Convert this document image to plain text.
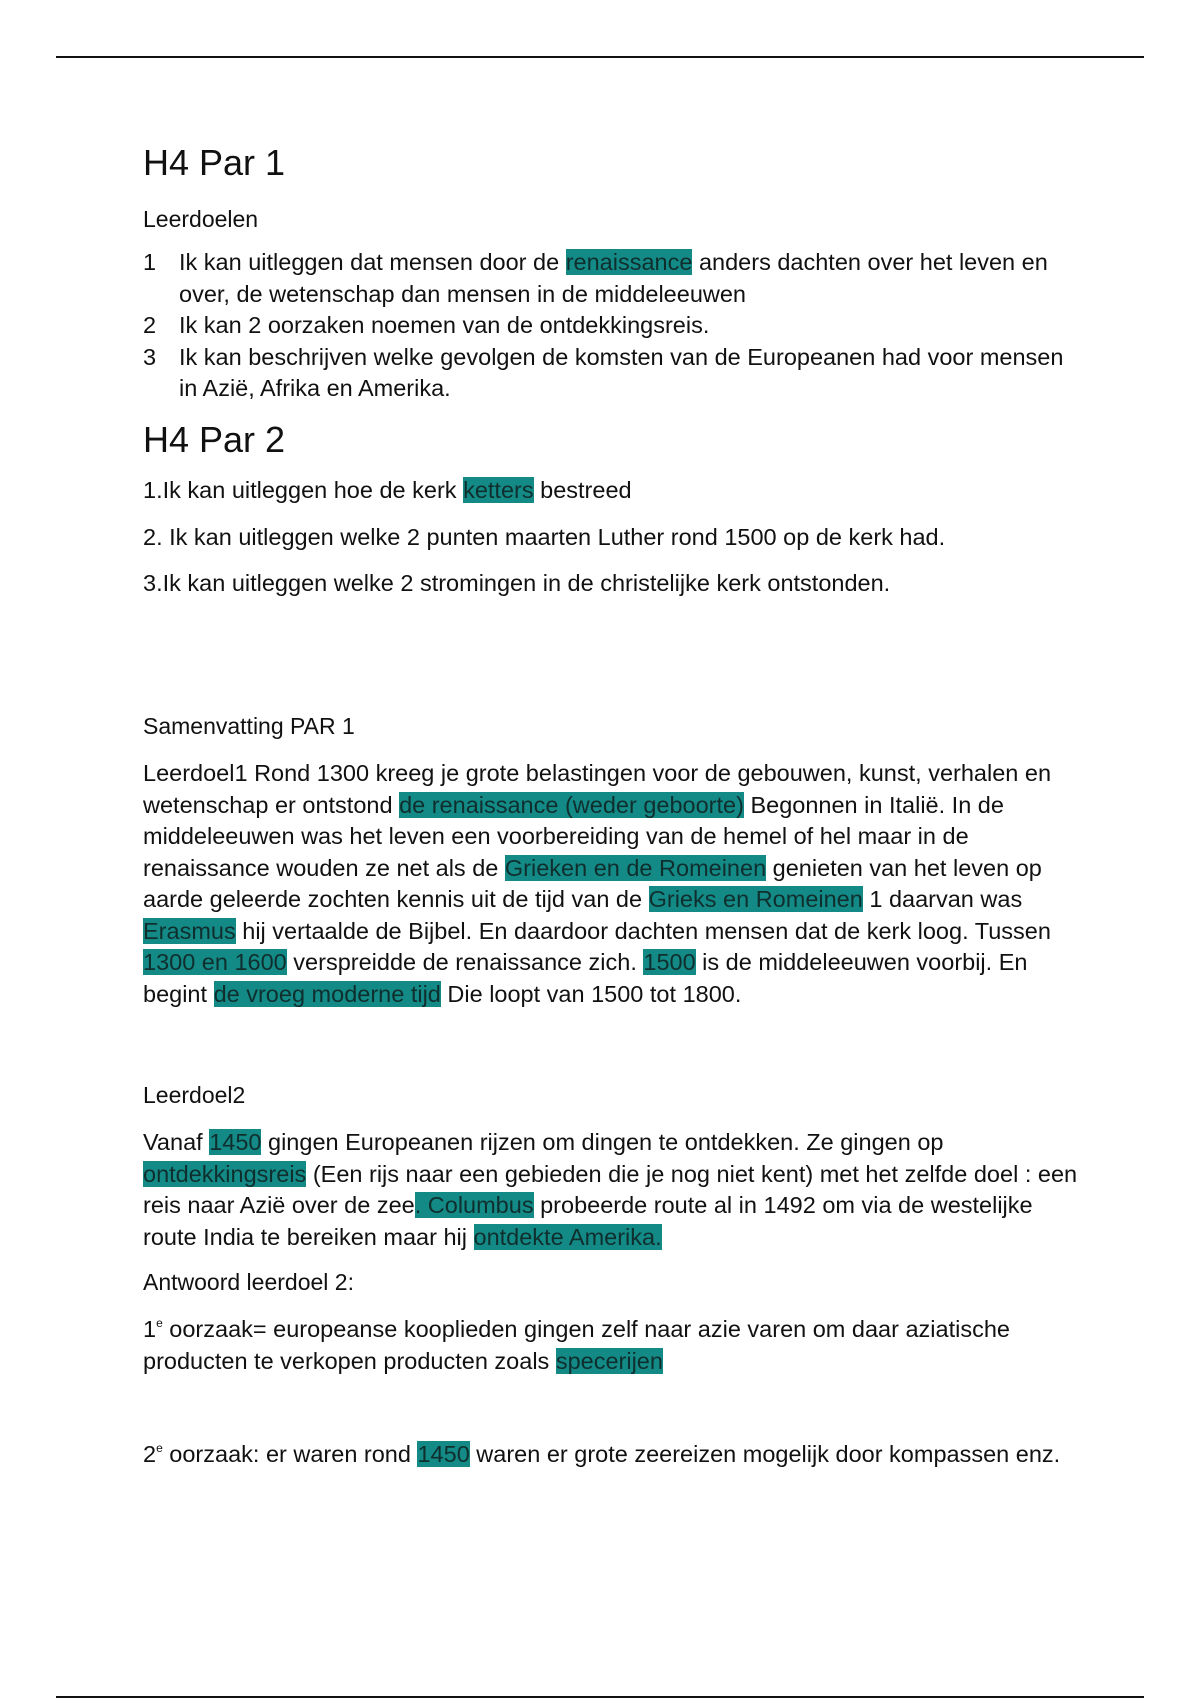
H4 Par 1

Leerdoelen

1 Ik kan uitleggen dat mensen door de renaissance anders dachten over het leven en over, de wetenschap dan mensen in de middeleeuwen
2 Ik kan 2 oorzaken noemen van de ontdekkingsreis.
3 Ik kan beschrijven welke gevolgen de komsten van de Europeanen had voor mensen in Azië, Afrika en Amerika.
H4 Par 2

1.Ik kan uitleggen hoe de kerk ketters bestreed

2. Ik kan uitleggen welke 2 punten maarten Luther rond 1500 op de kerk had.

3.Ik kan uitleggen welke 2 stromingen in de christelijke kerk ontstonden.

Samenvatting PAR 1

Leerdoel1 Rond 1300 kreeg je grote belastingen voor de gebouwen, kunst, verhalen en wetenschap er ontstond de renaissance (weder geboorte) Begonnen in Italië. In de middeleeuwen was het leven een voorbereiding van de hemel of hel maar in de renaissance wouden ze net als de Grieken en de Romeinen genieten van het leven op aarde geleerde zochten kennis uit de tijd van de Grieks en Romeinen 1 daarvan was Erasmus hij vertaalde de Bijbel. En daardoor dachten mensen dat de kerk loog. Tussen 1300 en 1600 verspreidde de renaissance zich. 1500 is de middeleeuwen voorbij. En begint de vroeg moderne tijd Die loopt van 1500 tot 1800.

Leerdoel2

Vanaf 1450 gingen Europeanen rijzen om dingen te ontdekken. Ze gingen op ontdekkingsreis (Een rijs naar een gebieden die je nog niet kent) met het zelfde doel : een reis naar Azië over de zee. Columbus probeerde route al in 1492 om via de westelijke route India te bereiken maar hij ontdekte Amerika.

Antwoord leerdoel 2:

1e oorzaak= europeanse kooplieden gingen zelf naar azie varen om daar aziatische producten te verkopen producten zoals specerijen

2e oorzaak: er waren rond 1450 waren er grote zeereizen mogelijk door kompassen enz.
